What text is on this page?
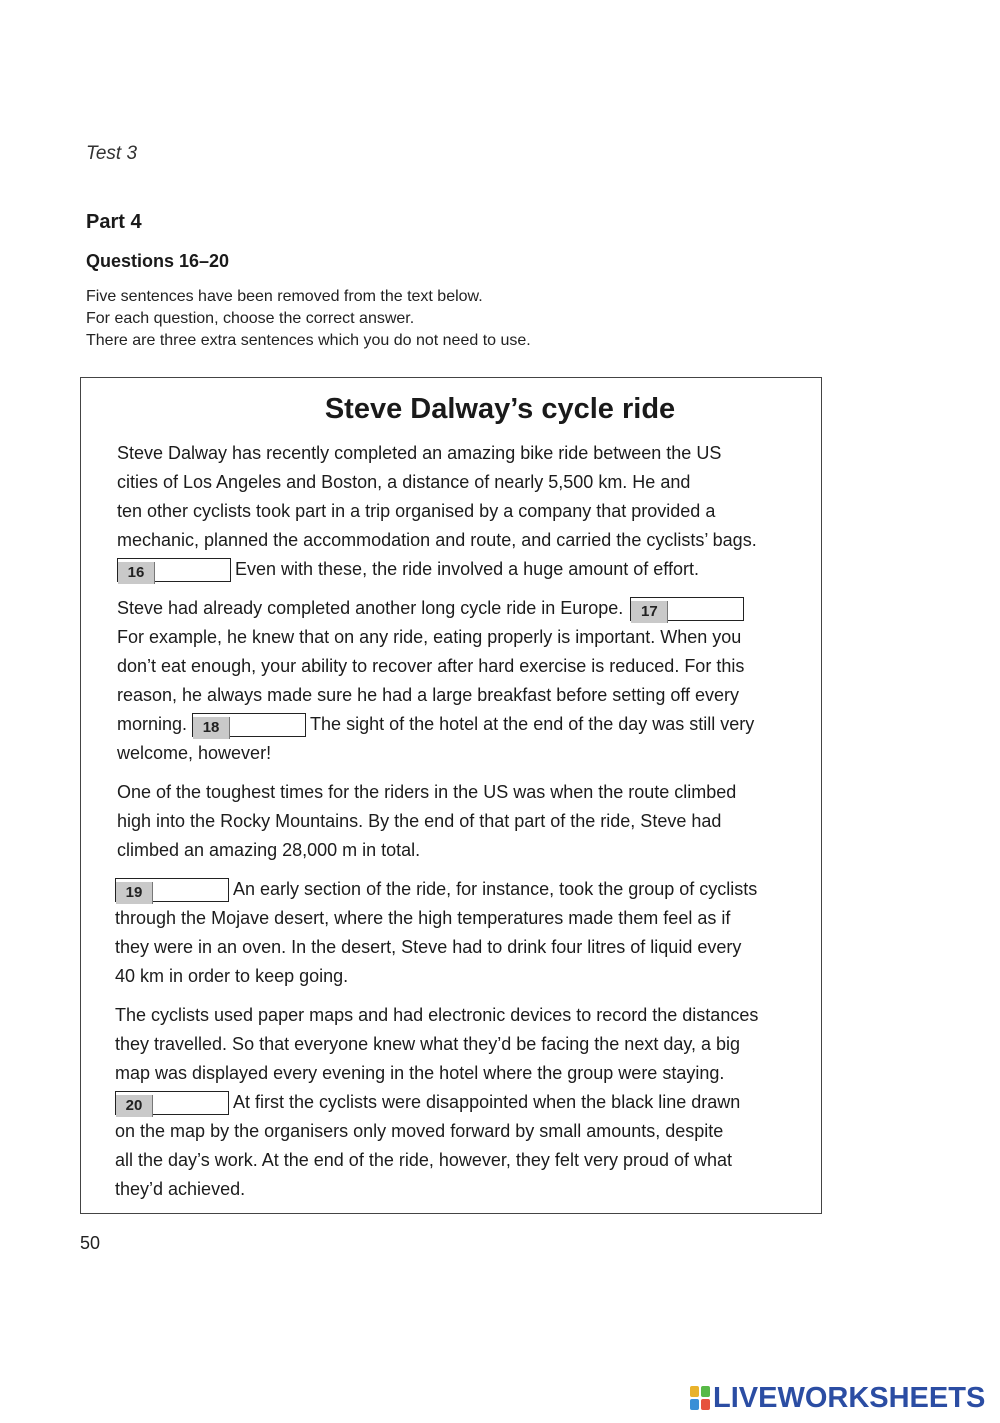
Test 3
Part 4
Questions 16–20
Five sentences have been removed from the text below.
For each question, choose the correct answer.
There are three extra sentences which you do not need to use.
Steve Dalway’s cycle ride
Steve Dalway has recently completed an amazing bike ride between the US
cities of Los Angeles and Boston, a distance of nearly 5,500 km. He and
ten other cyclists took part in a trip organised by a company that provided a
mechanic, planned the accommodation and route, and carried the cyclists’ bags.
16	Even with these, the ride involved a huge amount of effort.
Steve had already completed another long cycle ride in Europe. 17
For example, he knew that on any ride, eating properly is important. When you
don’t eat enough, your ability to recover after hard exercise is reduced. For this
reason, he always made sure he had a large breakfast before setting off every
morning. 18	The sight of the hotel at the end of the day was still very
welcome, however!
One of the toughest times for the riders in the US was when the route climbed
high into the Rocky Mountains. By the end of that part of the ride, Steve had
climbed an amazing 28,000 m in total.
19	An early section of the ride, for instance, took the group of cyclists
through the Mojave desert, where the high temperatures made them feel as if
they were in an oven. In the desert, Steve had to drink four litres of liquid every
40 km in order to keep going.
The cyclists used paper maps and had electronic devices to record the distances
they travelled. So that everyone knew what they’d be facing the next day, a big
map was displayed every evening in the hotel where the group were staying.
20	At first the cyclists were disappointed when the black line drawn
on the map by the organisers only moved forward by small amounts, despite
all the day’s work. At the end of the ride, however, they felt very proud of what
they’d achieved.
50
LIVEWORKSHEETS
